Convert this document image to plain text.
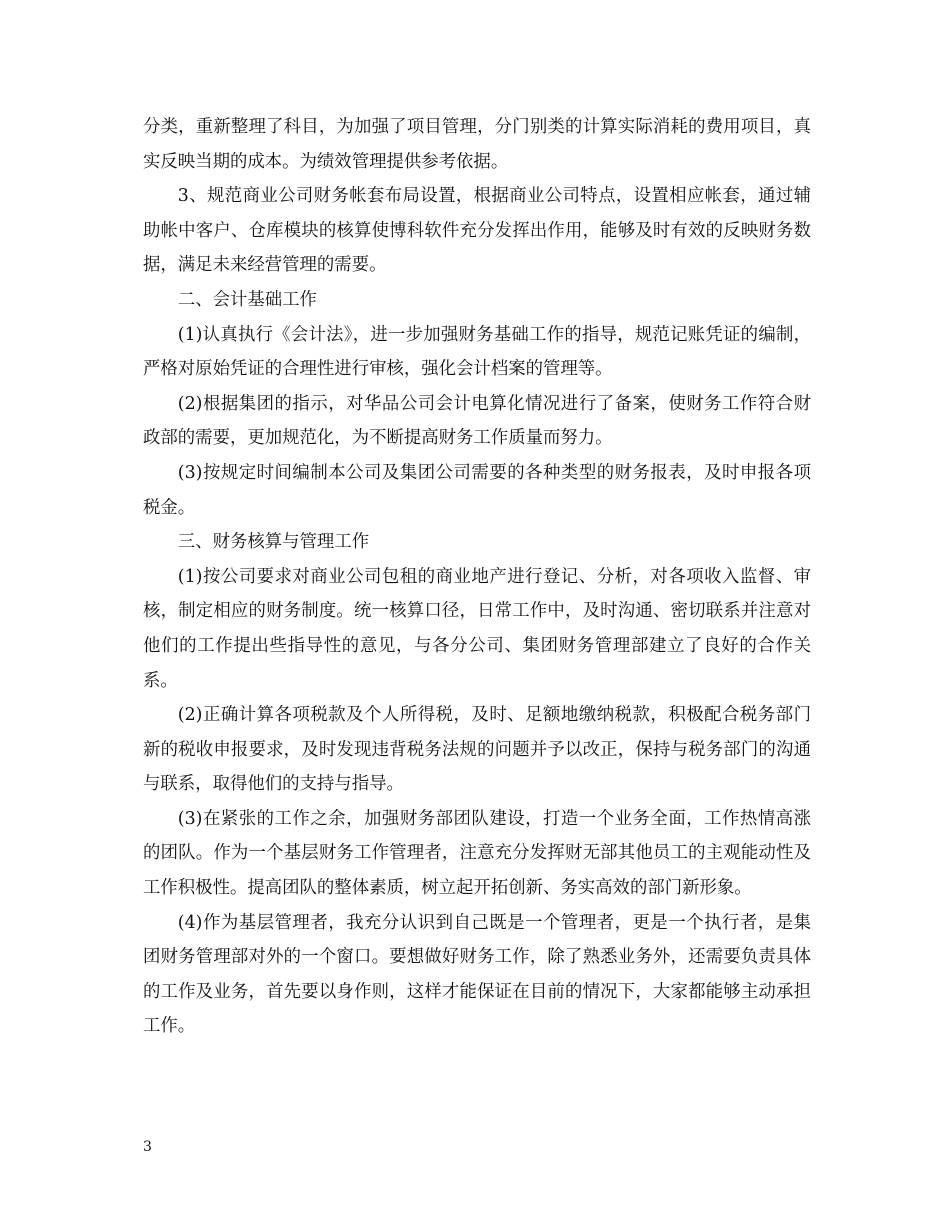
分类，重新整理了科目，为加强了项目管理，分门别类的计算实际消耗的费用项目，真实反映当期的成本。为绩效管理提供参考依据。

3、规范商业公司财务帐套布局设置，根据商业公司特点，设置相应帐套，通过辅助帐中客户、仓库模块的核算使博科软件充分发挥出作用，能够及时有效的反映财务数据，满足未来经营管理的需要。

二、会计基础工作

(1)认真执行《会计法》，进一步加强财务基础工作的指导，规范记账凭证的编制，严格对原始凭证的合理性进行审核，强化会计档案的管理等。

(2)根据集团的指示，对华品公司会计电算化情况进行了备案，使财务工作符合财政部的需要，更加规范化，为不断提高财务工作质量而努力。

(3)按规定时间编制本公司及集团公司需要的各种类型的财务报表，及时申报各项税金。

三、财务核算与管理工作

(1)按公司要求对商业公司包租的商业地产进行登记、分析，对各项收入监督、审核，制定相应的财务制度。统一核算口径，日常工作中，及时沟通、密切联系并注意对他们的工作提出些指导性的意见，与各分公司、集团财务管理部建立了良好的合作关系。

(2)正确计算各项税款及个人所得税，及时、足额地缴纳税款，积极配合税务部门新的税收申报要求，及时发现违背税务法规的问题并予以改正，保持与税务部门的沟通与联系，取得他们的支持与指导。

(3)在紧张的工作之余，加强财务部团队建设，打造一个业务全面，工作热情高涨的团队。作为一个基层财务工作管理者，注意充分发挥财无部其他员工的主观能动性及工作积极性。提高团队的整体素质，树立起开拓创新、务实高效的部门新形象。

(4)作为基层管理者，我充分认识到自己既是一个管理者，更是一个执行者，是集团财务管理部对外的一个窗口。要想做好财务工作，除了熟悉业务外，还需要负责具体的工作及业务，首先要以身作则，这样才能保证在目前的情况下，大家都能够主动承担工作。

3
